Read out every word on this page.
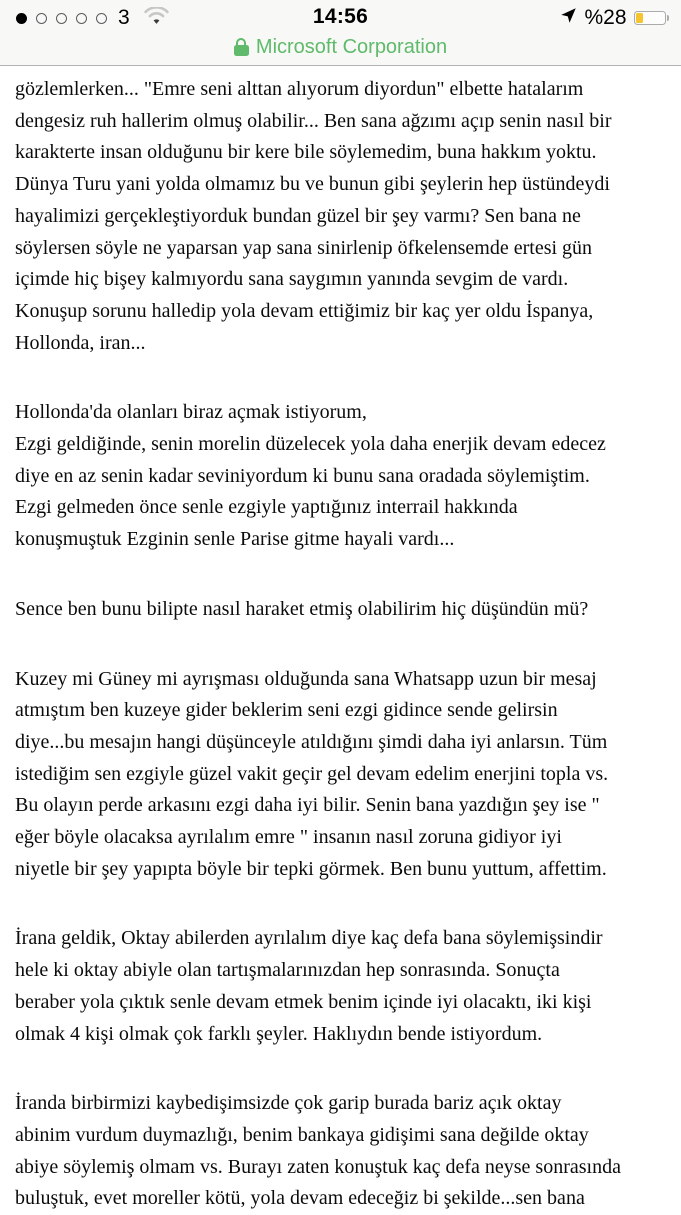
3	14:56	%28
Microsoft Corporation

gözlemlerken... "Emre seni alttan alıyorum diyordun" elbette hatalarım
dengesiz ruh hallerim olmuş olabilir... Ben sana ağzımı açıp senin nasıl bir
karakterte insan olduğunu bir kere bile söylemedim, buna hakkım yoktu.
Dünya Turu yani yolda olmamız bu ve bunun gibi şeylerin hep üstündeydi
hayalimizi gerçekleştiyorduk bundan güzel bir şey varmı? Sen bana ne
söylersen söyle ne yaparsan yap sana sinirlenip öfkelensemde ertesi gün
içimde hiç bişey kalmıyordu sana saygımın yanında sevgim de vardı.
Konuşup sorunu halledip yola devam ettiğimiz bir kaç yer oldu İspanya,
Hollonda, iran...

Hollonda'da olanları biraz açmak istiyorum,
Ezgi geldiğinde, senin morelin düzelecek yola daha enerjik devam edecez
diye en az senin kadar seviniyordum ki bunu sana oradada söylemiştim.
Ezgi gelmeden önce senle ezgiyle yaptığınız interrail hakkında
konuşmuştuk Ezginin senle Parise gitme hayali vardı...

Sence ben bunu bilipte nasıl haraket etmiş olabilirim hiç düşündün mü?

Kuzey mi Güney mi ayrışması olduğunda sana Whatsapp uzun bir mesaj
atmıştım ben kuzeye gider beklerim seni ezgi gidince sende gelirsin
diye...bu mesajın hangi düşünceyle atıldığını şimdi daha iyi anlarsın. Tüm
istediğim sen ezgiyle güzel vakit geçir gel devam edelim enerjini topla vs.
Bu olayın perde arkasını ezgi daha iyi bilir. Senin bana yazdığın şey ise "
eğer böyle olacaksa ayrılalım emre " insanın nasıl zoruna gidiyor iyi
niyetle bir şey yapıpta böyle bir tepki görmek. Ben bunu yuttum, affettim.

İrana geldik, Oktay abilerden ayrılalım diye kaç defa bana söylemişsindir
hele ki oktay abiyle olan tartışmalarınızdan hep sonrasında. Sonuçta
beraber yola çıktık senle devam etmek benim içinde iyi olacaktı, iki kişi
olmak 4 kişi olmak çok farklı şeyler. Haklıydın bende istiyordum.

İranda birbirmizi kaybedişimsizde çok garip burada bariz açık oktay
abinim vurdum duymazlığı, benim bankaya gidişimi sana değilde oktay
abiye söylemiş olmam vs. Burayı zaten konuştuk kaç defa neyse sonrasında
buluştuk, evet moreller kötü, yola devam edeceğiz bi şekilde...sen bana
